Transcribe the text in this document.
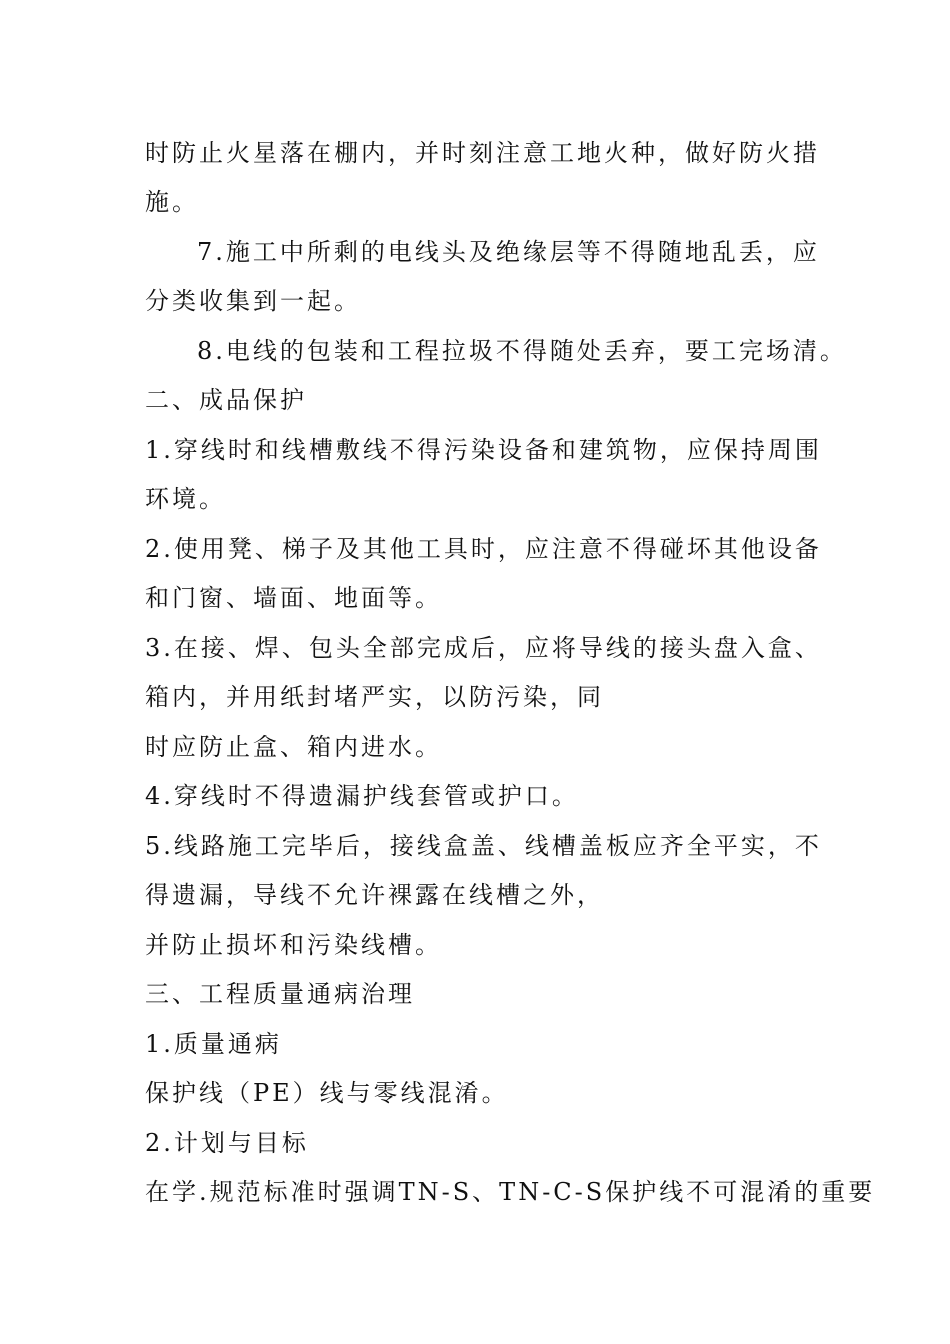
时防止火星落在棚内，并时刻注意工地火种，做好防火措
施。
7.施工中所剩的电线头及绝缘层等不得随地乱丢，应
分类收集到一起。
8.电线的包装和工程拉圾不得随处丢弃，要工完场清。
二、成品保护
1.穿线时和线槽敷线不得污染设备和建筑物，应保持周围
环境。
2.使用凳、梯子及其他工具时，应注意不得碰坏其他设备
和门窗、墙面、地面等。
3.在接、焊、包头全部完成后，应将导线的接头盘入盒、
箱内，并用纸封堵严实，以防污染，同
时应防止盒、箱内进水。
4.穿线时不得遗漏护线套管或护口。
5.线路施工完毕后，接线盒盖、线槽盖板应齐全平实，不
得遗漏，导线不允许裸露在线槽之外，
并防止损坏和污染线槽。
三、工程质量通病治理
1.质量通病
保护线（PE）线与零线混淆。
2.计划与目标
在学.规范标准时强调TN-S、TN-C-S保护线不可混淆的重要
